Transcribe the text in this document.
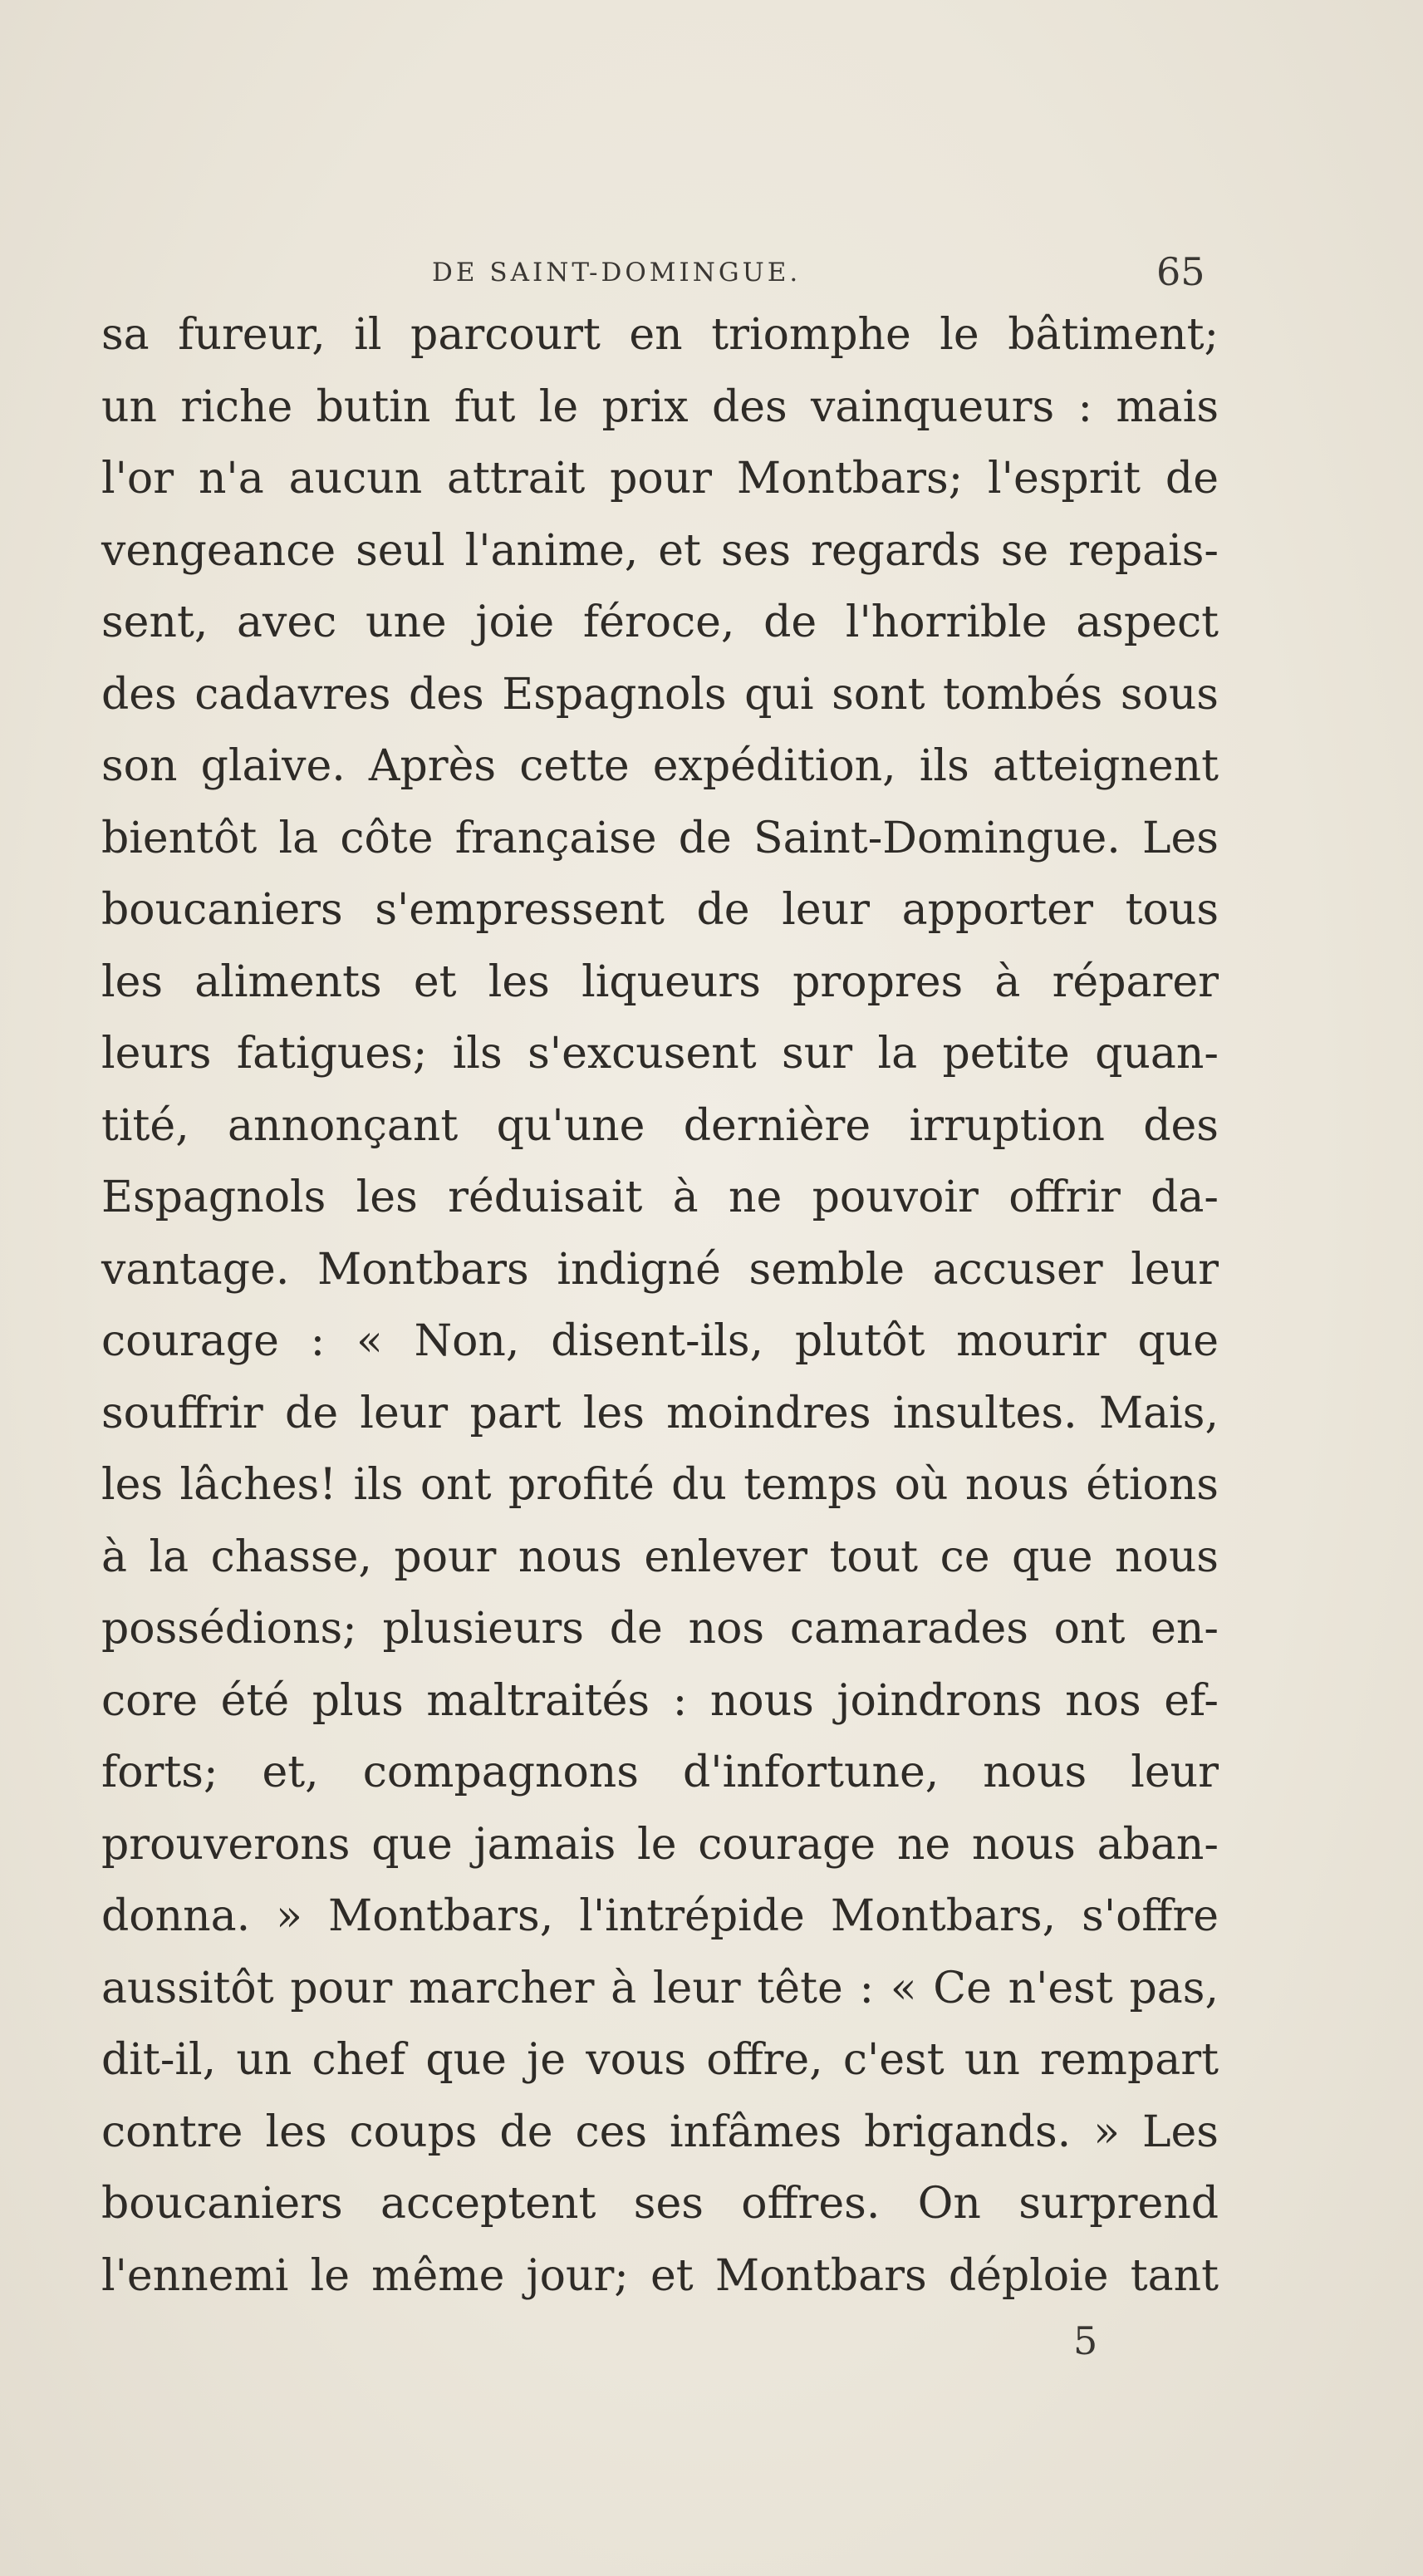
DE SAINT-DOMINGUE.	65
sa fureur, il parcourt en triomphe le bâtiment;
un riche butin fut le prix des vainqueurs : mais
l'or n'a aucun attrait pour Montbars; l'esprit de
vengeance seul l'anime, et ses regards se repais-
sent, avec une joie féroce, de l'horrible aspect
des cadavres des Espagnols qui sont tombés sous
son glaive. Après cette expédition, ils atteignent
bientôt la côte française de Saint-Domingue. Les
boucaniers s'empressent de leur apporter tous
les aliments et les liqueurs propres à réparer
leurs fatigues; ils s'excusent sur la petite quan-
tité, annonçant qu'une dernière irruption des
Espagnols les réduisait à ne pouvoir offrir da-
vantage. Montbars indigné semble accuser leur
courage : « Non, disent-ils, plutôt mourir que
souffrir de leur part les moindres insultes. Mais,
les lâches! ils ont profité du temps où nous étions
à la chasse, pour nous enlever tout ce que nous
possédions; plusieurs de nos camarades ont en-
core été plus maltraités : nous joindrons nos ef-
forts; et, compagnons d'infortune, nous leur
prouverons que jamais le courage ne nous aban-
donna. » Montbars, l'intrépide Montbars, s'offre
aussitôt pour marcher à leur tête : « Ce n'est pas,
dit-il, un chef que je vous offre, c'est un rempart
contre les coups de ces infâmes brigands. » Les
boucaniers acceptent ses offres. On surprend
l'ennemi le même jour; et Montbars déploie tant
5
